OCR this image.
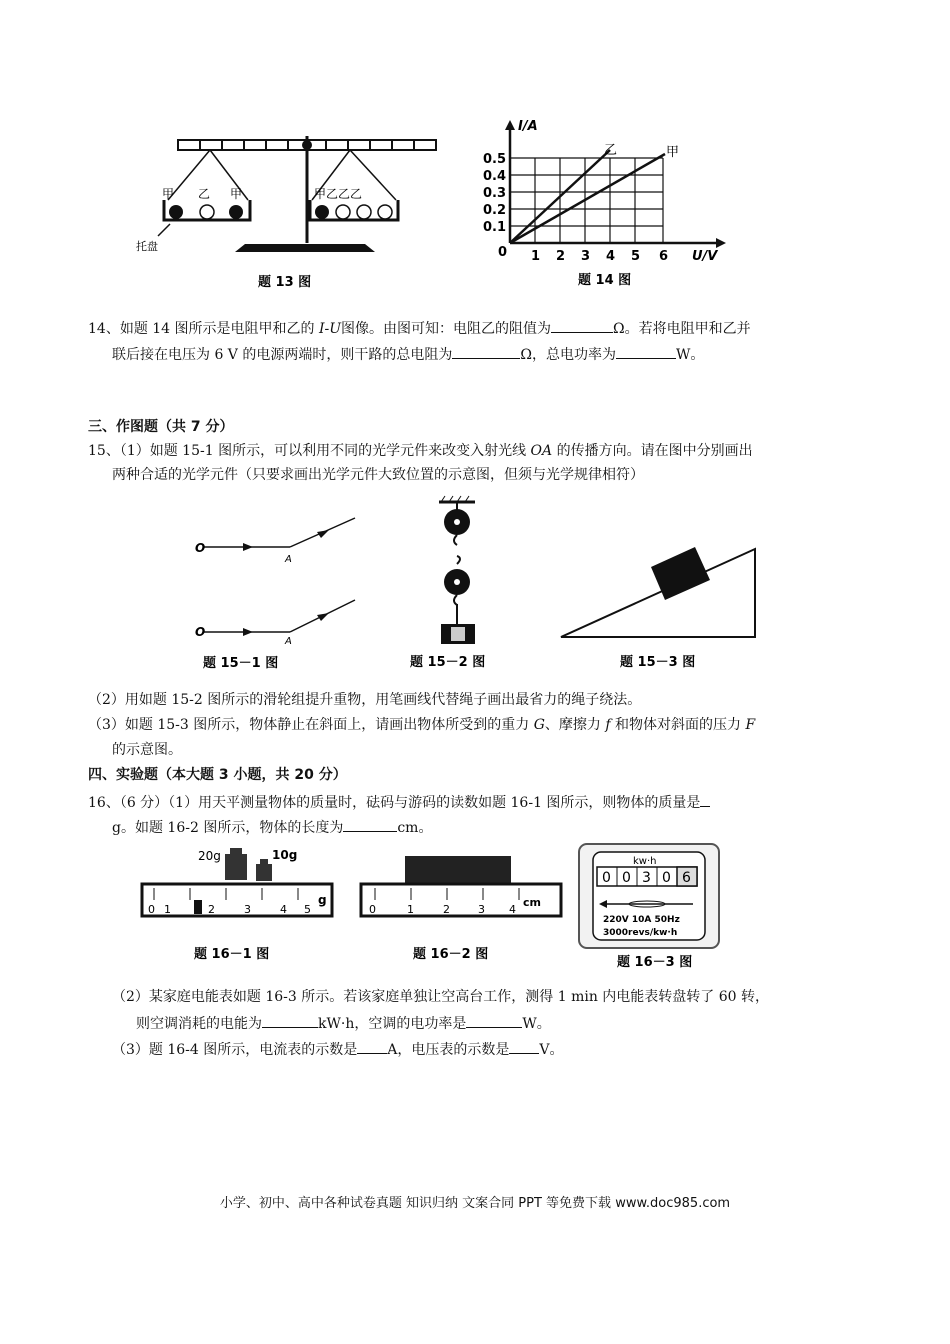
甲 乙 甲	甲乙乙乙
托盘
题 13 图
I/A
0.5
0.4
0.3
0.2
0.1
0 1 2 3 4 5 6 U/V
乙	甲
题 14 图
14、如题 14 图所示是电阻甲和乙的 I-U图像。由图可知：电阻乙的阻值为	Ω。若将电阻甲和乙并
联后接在电压为 6 V 的电源两端时，则干路的总电阻为	Ω，总电功率为	W。
三、作图题（共 7 分）
15、（1）如题 15-1 图所示，可以利用不同的光学元件来改变入射光线 OA 的传播方向。请在图中分别画出
两种合适的光学元件（只要求画出光学元件大致位置的示意图，但须与光学规律相符）
O
A
O
A
题 15－1 图	题 15－2 图	题 15－3 图
（2）用如题 15-2 图所示的滑轮组提升重物，用笔画线代替绳子画出最省力的绳子绕法。
（3）如题 15-3 图所示，物体静止在斜面上，请画出物体所受到的重力 G、摩擦力 f 和物体对斜面的压力 F
的示意图。
四、实验题（本大题 3 小题，共 20 分）
16、（6 分）（1）用天平测量物体的质量时，砝码与游码的读数如题 16-1 图所示，则物体的质量是
g。如题 16-2 图所示，物体的长度为	cm。
20g	10g
0 1	2	3	4 5
g
题 16－1 图
0	1	2	3 4
cm
题 16－2 图
kw·h
0 0 3 0 6
220V 10A 50Hz
3000revs/kw·h
题 16－3 图
（2）某家庭电能表如题 16-3 所示。若该家庭单独让空高台工作，测得 1 min 内电能表转盘转了 60 转，
则空调消耗的电能为	kW·h，空调的电功率是	W。
（3）题 16-4 图所示，电流表的示数是 A，电压表的示数是 V。
小学、初中、高中各种试卷真题 知识归纳 文案合同 PPT 等免费下载 www.doc985.com
